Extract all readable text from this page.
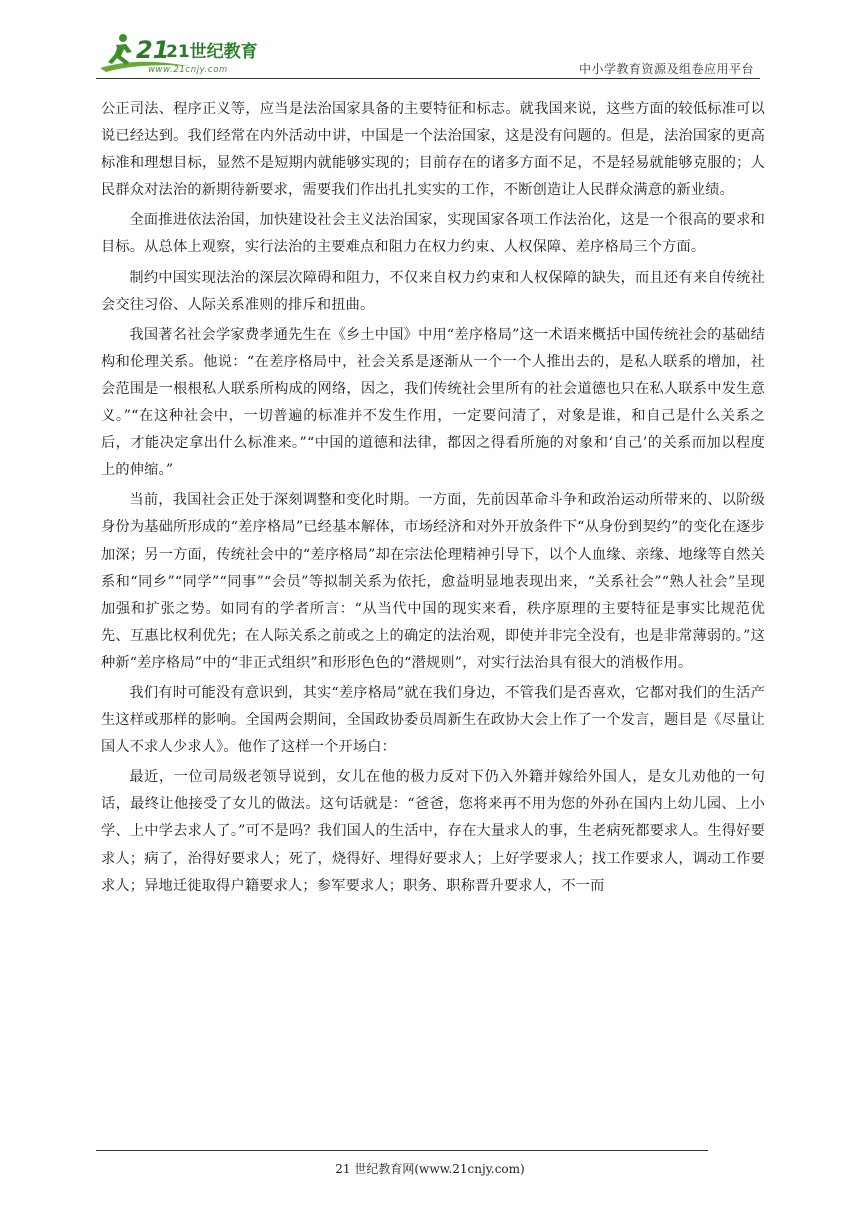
21
21世纪教育
www.21cnjy.com	中小学教育资源及组卷应用平台

公正司法、程序正义等，应当是法治国家具备的主要特征和标志。就我国来说，这些方面的较低标准可以说已经达到。我们经常在内外活动中讲，中国是一个法治国家，这是没有问题的。但是，法治国家的更高标准和理想目标，显然不是短期内就能够实现的；目前存在的诸多方面不足，不是轻易就能够克服的；人民群众对法治的新期待新要求，需要我们作出扎扎实实的工作，不断创造让人民群众满意的新业绩。

全面推进依法治国，加快建设社会主义法治国家，实现国家各项工作法治化，这是一个很高的要求和目标。从总体上观察，实行法治的主要难点和阻力在权力约束、人权保障、差序格局三个方面。

制约中国实现法治的深层次障碍和阻力，不仅来自权力约束和人权保障的缺失，而且还有来自传统社会交往习俗、人际关系准则的排斥和扭曲。

我国著名社会学家费孝通先生在《乡土中国》中用“差序格局”这一术语来概括中国传统社会的基础结构和伦理关系。他说：“在差序格局中，社会关系是逐渐从一个一个人推出去的，是私人联系的增加，社会范围是一根根私人联系所构成的网络，因之，我们传统社会里所有的社会道德也只在私人联系中发生意义。”“在这种社会中，一切普遍的标准并不发生作用，一定要问清了，对象是谁，和自己是什么关系之后，才能决定拿出什么标准来。”“中国的道德和法律，都因之得看所施的对象和‘自己’的关系而加以程度上的伸缩。”

当前，我国社会正处于深刻调整和变化时期。一方面，先前因革命斗争和政治运动所带来的、以阶级身份为基础所形成的“差序格局”已经基本解体，市场经济和对外开放条件下“从身份到契约”的变化在逐步加深；另一方面，传统社会中的“差序格局”却在宗法伦理精神引导下，以个人血缘、亲缘、地缘等自然关系和“同乡”“同学”“同事”“会员”等拟制关系为依托，愈益明显地表现出来，“关系社会”“熟人社会”呈现加强和扩张之势。如同有的学者所言：“从当代中国的现实来看，秩序原理的主要特征是事实比规范优先、互惠比权利优先；在人际关系之前或之上的确定的法治观，即使并非完全没有，也是非常薄弱的。”这种新“差序格局”中的“非正式组织”和形形色色的“潜规则”，对实行法治具有很大的消极作用。

我们有时可能没有意识到，其实“差序格局”就在我们身边，不管我们是否喜欢，它都对我们的生活产生这样或那样的影响。全国两会期间，全国政协委员周新生在政协大会上作了一个发言，题目是《尽量让国人不求人少求人》。他作了这样一个开场白：

最近，一位司局级老领导说到，女儿在他的极力反对下仍入外籍并嫁给外国人，是女儿劝他的一句话，最终让他接受了女儿的做法。这句话就是：“爸爸，您将来再不用为您的外孙在国内上幼儿园、上小学、上中学去求人了。”可不是吗？我们国人的生活中，存在大量求人的事，生老病死都要求人。生得好要求人；病了，治得好要求人；死了，烧得好、埋得好要求人；上好学要求人；找工作要求人，调动工作要求人；异地迁徙取得户籍要求人；参军要求人；职务、职称晋升要求人，不一而

21 世纪教育网(www.21cnjy.com)
